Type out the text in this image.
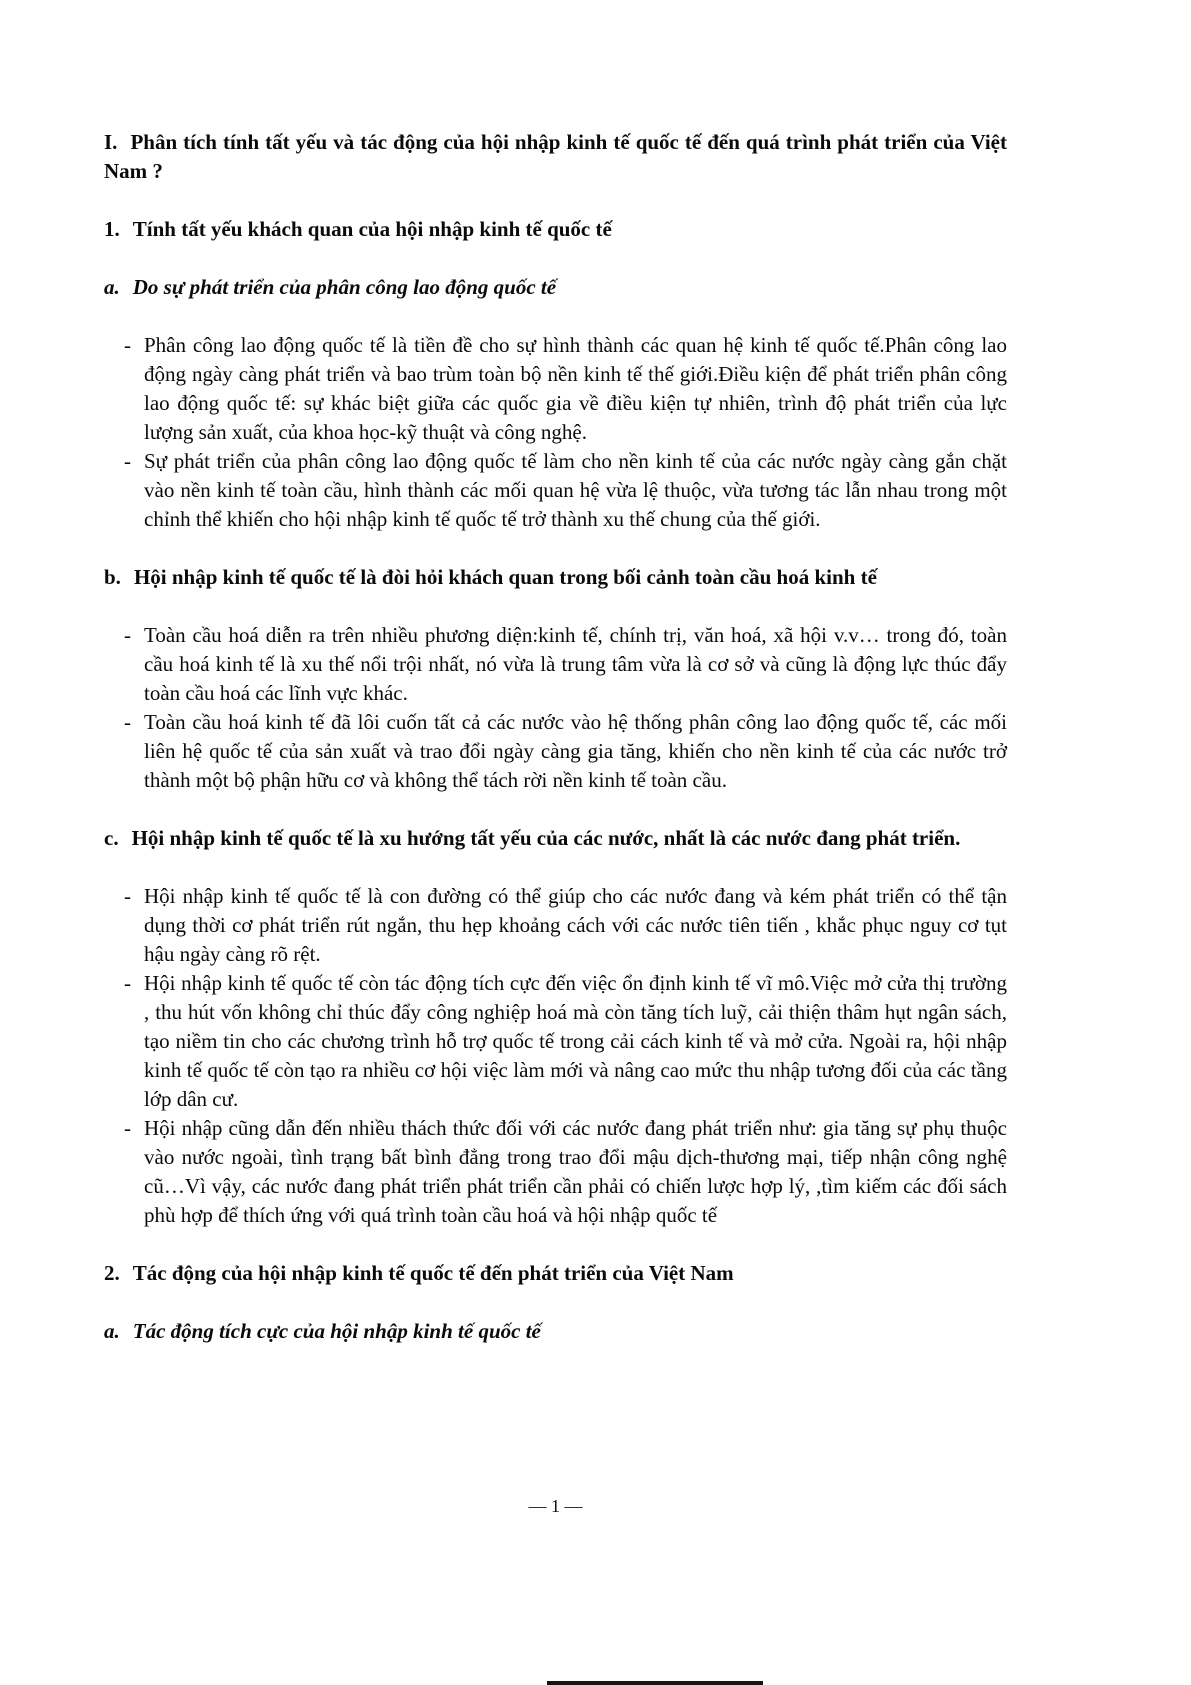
I. Phân tích tính tất yếu và tác động của hội nhập kinh tế quốc tế đến quá trình phát triển của Việt Nam ?

1. Tính tất yếu khách quan của hội nhập kinh tế quốc tế

a. Do sự phát triển của phân công lao động quốc tế

- Phân công lao động quốc tế là tiền đề cho sự hình thành các quan hệ kinh tế quốc tế.Phân công lao động ngày càng phát triển và bao trùm toàn bộ nền kinh tế thế giới.Điều kiện để phát triển phân công lao động quốc tế: sự khác biệt giữa các quốc gia về điều kiện tự nhiên, trình độ phát triển của lực lượng sản xuất, của khoa học-kỹ thuật và công nghệ.
- Sự phát triển của phân công lao động quốc tế làm cho nền kinh tế của các nước ngày càng gắn chặt vào nền kinh tế toàn cầu, hình thành các mối quan hệ vừa lệ thuộc, vừa tương tác lẫn nhau trong một chỉnh thể khiến cho hội nhập kinh tế quốc tế trở thành xu thế chung của thế giới.

b. Hội nhập kinh tế quốc tế là đòi hỏi khách quan trong bối cảnh toàn cầu hoá kinh tế

- Toàn cầu hoá diễn ra trên nhiều phương diện:kinh tế, chính trị, văn hoá, xã hội v.v… trong đó, toàn cầu hoá kinh tế là xu thế nổi trội nhất, nó vừa là trung tâm vừa là cơ sở và cũng là động lực thúc đẩy toàn cầu hoá các lĩnh vực khác.
- Toàn cầu hoá kinh tế đã lôi cuốn tất cả các nước vào hệ thống phân công lao động quốc tế, các mối liên hệ quốc tế của sản xuất và trao đổi ngày càng gia tăng, khiến cho nền kinh tế của các nước trở thành một bộ phận hữu cơ và không thể tách rời nền kinh tế toàn cầu.

c. Hội nhập kinh tế quốc tế là xu hướng tất yếu của các nước, nhất là các nước đang phát triển.

- Hội nhập kinh tế quốc tế là con đường có thể giúp cho các nước đang và kém phát triển có thể tận dụng thời cơ phát triển rút ngắn, thu hẹp khoảng cách với các nước tiên tiến , khắc phục nguy cơ tụt hậu ngày càng rõ rệt.
- Hội nhập kinh tế quốc tế còn tác động tích cực đến việc ổn định kinh tế vĩ mô.Việc mở cửa thị trường , thu hút vốn không chỉ thúc đẩy công nghiệp hoá mà còn tăng tích luỹ, cải thiện thâm hụt ngân sách, tạo niềm tin cho các chương trình hỗ trợ quốc tế trong cải cách kinh tế và mở cửa. Ngoài ra, hội nhập kinh tế quốc tế còn tạo ra nhiều cơ hội việc làm mới và nâng cao mức thu nhập tương đối của các tầng lớp dân cư.
- Hội nhập cũng dẫn đến nhiều thách thức đối với các nước đang phát triển như: gia tăng sự phụ thuộc vào nước ngoài, tình trạng bất bình đẳng trong trao đổi mậu dịch-thương mại, tiếp nhận công nghệ cũ…Vì vậy, các nước đang phát triển phát triển cần phải có chiến lược hợp lý, ,tìm kiếm các đối sách phù hợp để thích ứng với quá trình toàn cầu hoá và hội nhập quốc tế

2. Tác động của hội nhập kinh tế quốc tế đến phát triển của Việt Nam

a. Tác động tích cực của hội nhập kinh tế quốc tế

— 1 —
